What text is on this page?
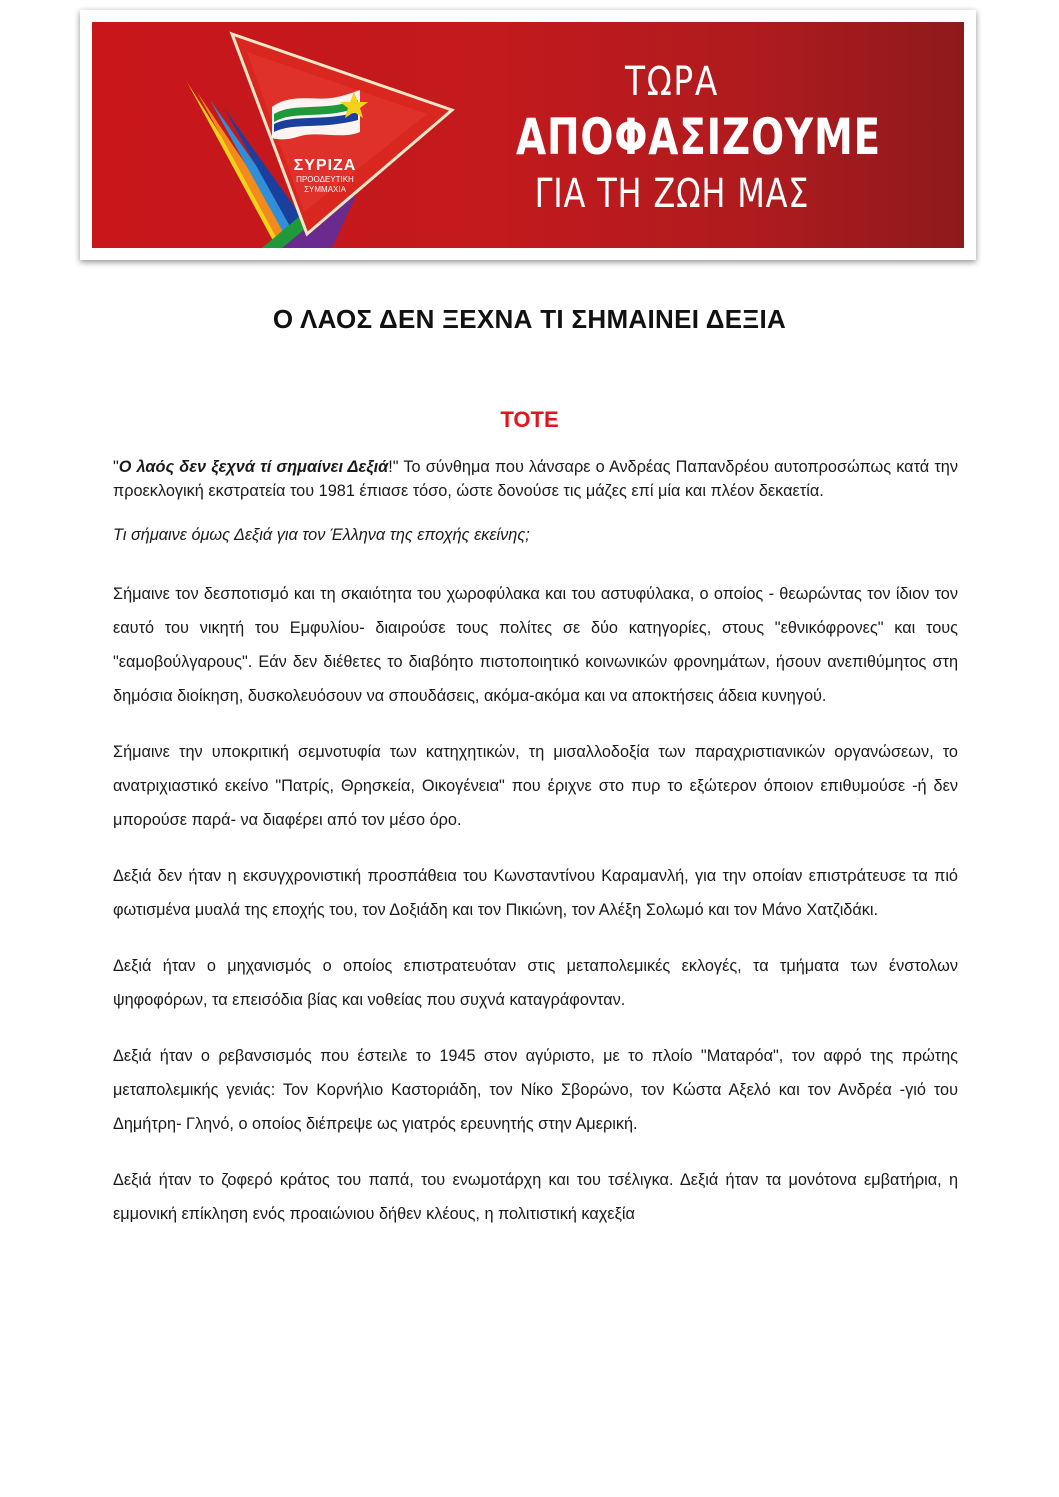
ΣΥΡΙΖΑ
ΠΡΟΟΔΕΥΤΙΚΗ
ΣΥΜΜΑΧΙΑ
ΤΩΡΑ
ΑΠΟΦΑΣΙΖΟΥΜΕ
ΓΙΑ ΤΗ ΖΩΗ ΜΑΣ
Ο ΛΑΟΣ ΔΕΝ ΞΕΧΝΑ ΤΙ ΣΗΜΑΙΝΕΙ ΔΕΞΙΑ
ΤΟΤΕ

"Ο λαός δεν ξεχνά τί σημαίνει Δεξιά!" Το σύνθημα που λάνσαρε ο Ανδρέας Παπανδρέου αυτοπροσώπως κατά την προεκλογική εκστρατεία του 1981 έπιασε τόσο, ώστε δονούσε τις μάζες επί μία και πλέον δεκαετία.

Τι σήμαινε όμως Δεξιά για τον Έλληνα της εποχής εκείνης;

Σήμαινε τον δεσποτισμό και τη σκαιότητα του χωροφύλακα και του αστυφύλακα, ο οποίος - θεωρώντας τον ίδιον τον εαυτό του νικητή του Εμφυλίου- διαιρούσε τους πολίτες σε δύο κατηγορίες, στους "εθνικόφρονες" και τους "εαμοβούλγαρους". Εάν δεν διέθετες το διαβόητο πιστοποιητικό κοινωνικών φρονημάτων, ήσουν ανεπιθύμητος στη δημόσια διοίκηση, δυσκολευόσουν να σπουδάσεις, ακόμα-ακόμα και να αποκτήσεις άδεια κυνηγού.

Σήμαινε την υποκριτική σεμνοτυφία των κατηχητικών, τη μισαλλοδοξία των παραχριστιανικών οργανώσεων, το ανατριχιαστικό εκείνο "Πατρίς, Θρησκεία, Οικογένεια" που έριχνε στο πυρ το εξώτερον όποιον επιθυμούσε -ή δεν μπορούσε παρά- να διαφέρει από τον μέσο όρο.

Δεξιά δεν ήταν η εκσυγχρονιστική προσπάθεια του Κωνσταντίνου Καραμανλή, για την οποίαν επιστράτευσε τα πιό φωτισμένα μυαλά της εποχής του, τον Δοξιάδη και τον Πικιώνη, τον Αλέξη Σολωμό και τον Μάνο Χατζιδάκι.

Δεξιά ήταν ο μηχανισμός ο οποίος επιστρατευόταν στις μεταπολεμικές εκλογές, τα τμήματα των ένστολων ψηφοφόρων, τα επεισόδια βίας και νοθείας που συχνά καταγράφονταν.

Δεξιά ήταν ο ρεβανσισμός που έστειλε το 1945 στον αγύριστο, με το πλοίο "Ματαρόα", τον αφρό της πρώτης μεταπολεμικής γενιάς: Τον Κορνήλιο Καστοριάδη, τον Νίκο Σβορώνο, τον Κώστα Αξελό και τον Ανδρέα -γιό του Δημήτρη- Γληνό, ο οποίος διέπρεψε ως γιατρός ερευνητής στην Αμερική.

Δεξιά ήταν το ζοφερό κράτος του παπά, του ενωμοτάρχη και του τσέλιγκα. Δεξιά ήταν τα μονότονα εμβατήρια, η εμμονική επίκληση ενός προαιώνιου δήθεν κλέους, η πολιτιστική καχεξία
